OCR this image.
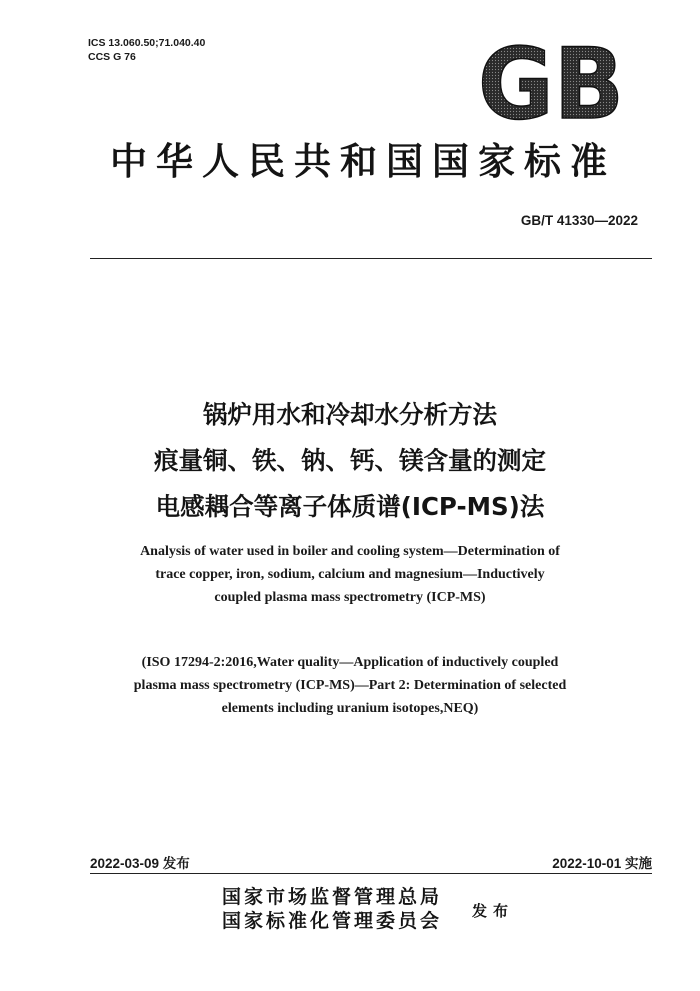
ICS 13.060.50;71.040.40
CCS G 76	GB
中华人民共和国国家标准
GB/T 41330—2022
锅炉用水和冷却水分析方法
痕量铜、铁、钠、钙、镁含量的测定
电感耦合等离子体质谱(ICP-MS)法
Analysis of water used in boiler and cooling system—Determination of
trace copper, iron, sodium, calcium and magnesium—Inductively
coupled plasma mass spectrometry (ICP-MS)
(ISO 17294-2:2016,Water quality—Application of inductively coupled
plasma mass spectrometry (ICP-MS)—Part 2: Determination of selected
elements including uranium isotopes,NEQ)
2022-03-09 发布	2022-10-01 实施
国家市场监督管理总局
国家标准化管理委员会 发布
